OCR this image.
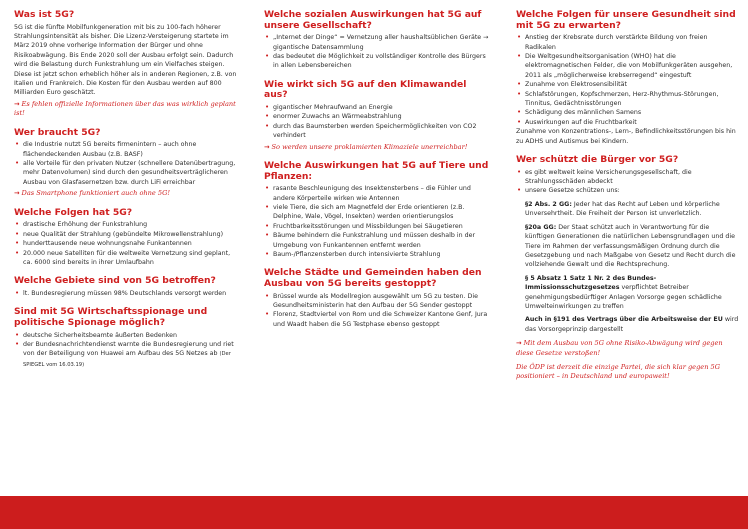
Was ist 5G?

5G ist die fünfte Mobilfunkgeneration mit bis zu 100-fach höherer Strahlungsintensität als bisher. Die Lizenz-Versteigerung startete im März 2019 ohne vorherige Information der Bürger und ohne Risikoabwägung. Bis Ende 2020 soll der Ausbau erfolgt sein. Dadurch wird die Belastung durch Funkstrahlung um ein Vielfaches steigen. Diese ist jetzt schon erheblich höher als in anderen Regionen, z.B. von Italien und Frankreich. Die Kosten für den Ausbau werden auf 800 Milliarden Euro geschätzt.

→ Es fehlen offizielle Informationen über das was wirklich geplant ist!

Wer braucht 5G?
• die Industrie nutzt 5G bereits firmenintern – auch ohne flächendeckenden Ausbau (z.B. BASF)
• alle Vorteile für den privaten Nutzer (schnellere Datenübertragung, mehr Datenvolumen) sind durch den gesundheitsverträglicheren Ausbau von Glasfasernetzen bzw. durch LiFi erreichbar

→ Das Smartphone funktioniert auch ohne 5G!

Welche Folgen hat 5G?
• drastische Erhöhung der Funkstrahlung
• neue Qualität der Strahlung (gebündelte Mikrowellenstrahlung)
• hunderttausende neue wohnungsnahe Funkantennen
• 20.000 neue Satelliten für die weltweite Vernetzung sind geplant, ca. 6000 sind bereits in ihrer Umlaufbahn
Welche Gebiete sind von 5G betroffen?
• lt. Bundesregierung müssen 98% Deutschlands versorgt werden
Sind mit 5G Wirtschaftsspionage und politische Spionage möglich?
• deutsche Sicherheitsbeamte äußerten Bedenken
• der Bundesnachrichtendienst warnte die Bundesregierung und riet von der Beteiligung von Huawei am Aufbau des 5G Netzes ab (Der SPIEGEL vom 16.03.19)
Welche sozialen Auswirkungen hat 5G auf unsere Gesellschaft?
• „Internet der Dinge“ = Vernetzung aller haushaltsüblichen Geräte → gigantische Datensammlung
• das bedeutet die Möglichkeit zu vollständiger Kontrolle des Bürgers in allen Lebensbereichen
Wie wirkt sich 5G auf den Klimawandel aus?
• gigantischer Mehraufwand an Energie
• enormer Zuwachs an Wärmeabstrahlung
• durch das Baumsterben werden Speichermöglichkeiten von CO2 verhindert

→ So werden unsere proklamierten Klimaziele unerreichbar!

Welche Auswirkungen hat 5G auf Tiere und Pflanzen:
• rasante Beschleunigung des Insektensterbens – die Fühler und andere Körperteile wirken wie Antennen
• viele Tiere, die sich am Magnetfeld der Erde orientieren (z.B. Delphine, Wale, Vögel, Insekten) werden orientierungslos
• Fruchtbarkeitsstörungen und Missbildungen bei Säugetieren
• Bäume behindern die Funkstrahlung und müssen deshalb in der Umgebung von Funkantennen entfernt werden
• Baum-/Pflanzensterben durch intensivierte Strahlung
Welche Städte und Gemeinden haben den Ausbau von 5G bereits gestoppt?
• Brüssel wurde als Modellregion ausgewählt um 5G zu testen. Die Gesundheitsministerin hat den Aufbau der 5G Sender gestoppt
• Florenz, Stadtviertel von Rom und die Schweizer Kantone Genf, Jura und Waadt haben die 5G Testphase ebenso gestoppt
Welche Folgen für unsere Gesundheit sind mit 5G zu erwarten?
• Anstieg der Krebsrate durch verstärkte Bildung von freien Radikalen
• Die Weltgesundheitsorganisation (WHO) hat die elektromagnetischen Felder, die von Mobilfunkgeräten ausgehen, 2011 als „möglicherweise krebserregend“ eingestuft
• Zunahme von Elektrosensibilität
• Schlafstörungen, Kopfschmerzen, Herz-Rhythmus-Störungen, Tinnitus, Gedächtnisstörungen
• Schädigung des männlichen Samens
• Auswirkungen auf die Fruchtbarkeit

Zunahme von Konzentrations-, Lern-, Befindlichkeitsstörungen bis hin zu ADHS und Autismus bei Kindern.

Wer schützt die Bürger vor 5G?
• es gibt weltweit keine Versicherungsgesellschaft, die Strahlungsschäden abdeckt
• unsere Gesetze schützen uns:

§2 Abs. 2 GG: Jeder hat das Recht auf Leben und körperliche Unversehrtheit. Die Freiheit der Person ist unverletzlich.

§20a GG: Der Staat schützt auch in Verantwortung für die künftigen Generationen die natürlichen Lebensgrundlagen und die Tiere im Rahmen der verfassungsmäßigen Ordnung durch die Gesetzgebung und nach Maßgabe von Gesetz und Recht durch die vollziehende Gewalt und die Rechtsprechung.

§ 5 Absatz 1 Satz 1 Nr. 2 des Bundes-Immissionsschutzgesetzes verpflichtet Betreiber genehmigungsbedürftiger Anlagen Vorsorge gegen schädliche Umwelteinwirkungen zu treffen

Auch in §191 des Vertrags über die Arbeitsweise der EU wird das Vorsorgeprinzip dargestellt

→ Mit dem Ausbau von 5G ohne Risiko-Abwägung wird gegen diese Gesetze verstoßen!

Die ÖDP ist derzeit die einzige Partei, die sich klar gegen 5G positioniert – in Deutschland und europaweit!
